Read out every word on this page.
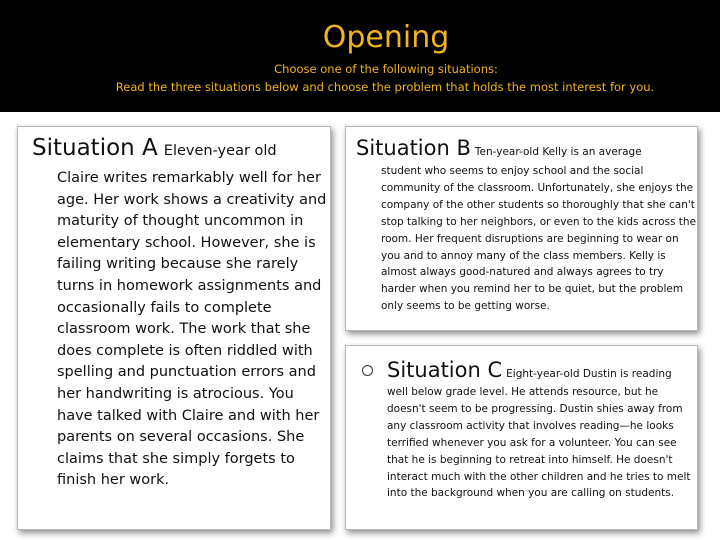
Opening
Choose one of the following situations:
Read the three situations below and choose the problem that holds the most interest for you.
Situation A Eleven-year old
Claire writes remarkably well for her age. Her work shows a creativity and maturity of thought uncommon in elementary school. However, she is failing writing because she rarely turns in homework assignments and occasionally fails to complete classroom work. The work that she does complete is often riddled with spelling and punctuation errors and her handwriting is atrocious. You have talked with Claire and with her parents on several occasions. She claims that she simply forgets to finish her work.
Situation B Ten-year-old Kelly is an average
student who seems to enjoy school and the social community of the classroom. Unfortunately, she enjoys the company of the other students so thoroughly that she can't stop talking to her neighbors, or even to the kids across the room. Her frequent disruptions are beginning to wear on you and to annoy many of the class members. Kelly is almost always good-natured and always agrees to try harder when you remind her to be quiet, but the problem only seems to be getting worse.
Situation C Eight-year-old Dustin is reading
well below grade level. He attends resource, but he doesn't seem to be progressing. Dustin shies away from any classroom activity that involves reading—he looks terrified whenever you ask for a volunteer. You can see that he is beginning to retreat into himself. He doesn't interact much with the other children and he tries to melt into the background when you are calling on students.
